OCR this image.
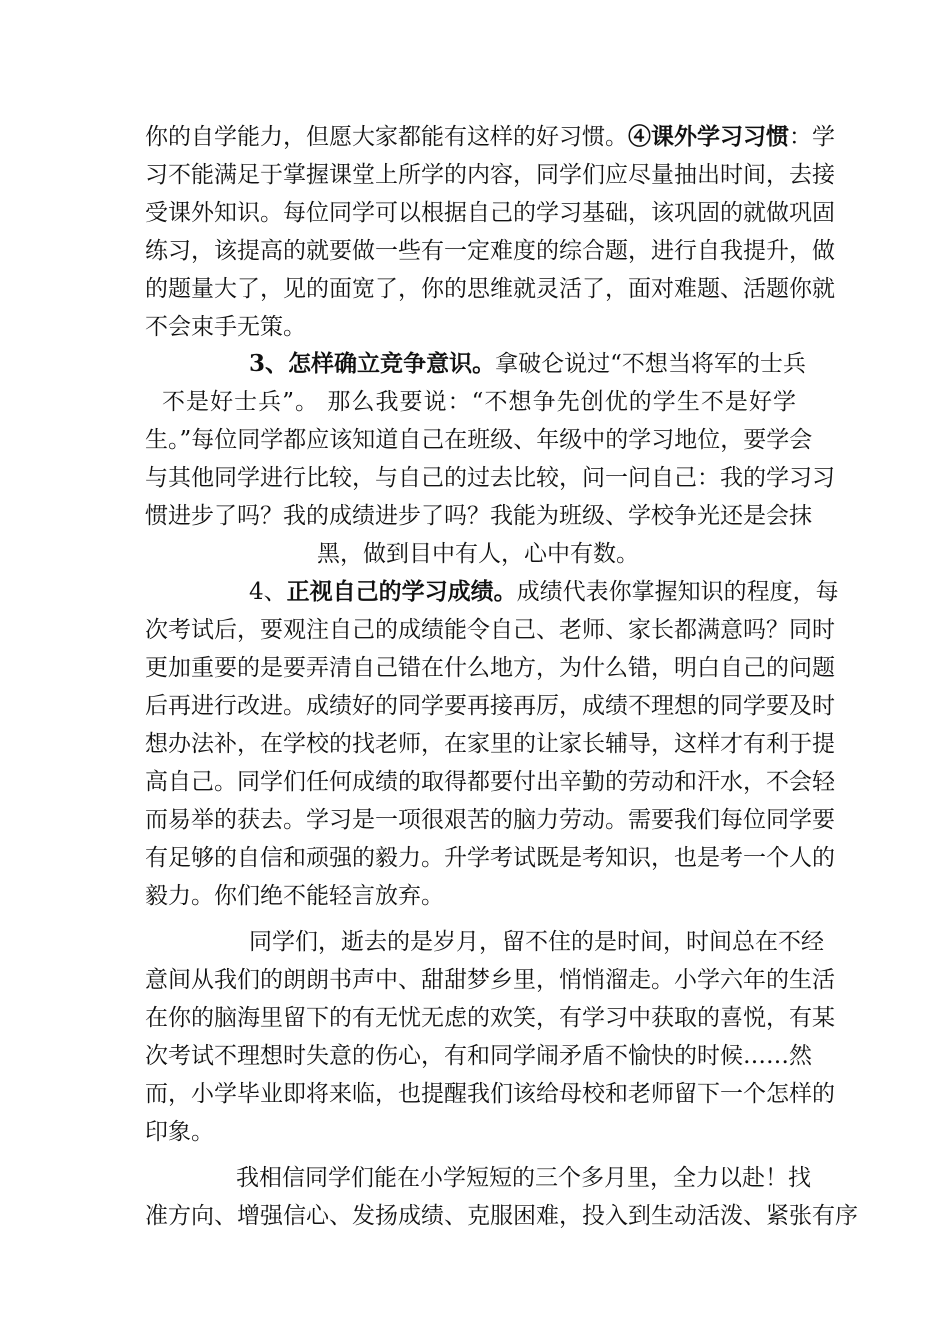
你的自学能力，但愿大家都能有这样的好习惯。④课外学习习惯：学
习不能满足于掌握课堂上所学的内容，同学们应尽量抽出时间，去接
受课外知识。每位同学可以根据自己的学习基础，该巩固的就做巩固
练习，该提高的就要做一些有一定难度的综合题，进行自我提升，做
的题量大了，见的面宽了，你的思维就灵活了，面对难题、活题你就
不会束手无策。
3、怎样确立竞争意识。拿破仑说过“不想当将军的士兵
不是好士兵”。 那么我要说：“不想争先创优的学生不是好学
生。”每位同学都应该知道自己在班级、年级中的学习地位，要学会
与其他同学进行比较，与自己的过去比较，问一问自己：我的学习习
惯进步了吗？我的成绩进步了吗？我能为班级、学校争光还是会抹
黑，做到目中有人，心中有数。
4、正视自己的学习成绩。成绩代表你掌握知识的程度，每
次考试后，要观注自己的成绩能令自己、老师、家长都满意吗？同时
更加重要的是要弄清自己错在什么地方，为什么错，明白自己的问题
后再进行改进。成绩好的同学要再接再厉，成绩不理想的同学要及时
想办法补，在学校的找老师，在家里的让家长辅导，这样才有利于提
高自己。同学们任何成绩的取得都要付出辛勤的劳动和汗水，不会轻
而易举的获去。学习是一项很艰苦的脑力劳动。需要我们每位同学要
有足够的自信和顽强的毅力。升学考试既是考知识，也是考一个人的
毅力。你们绝不能轻言放弃。
同学们，逝去的是岁月，留不住的是时间，时间总在不经
意间从我们的朗朗书声中、甜甜梦乡里，悄悄溜走。小学六年的生活
在你的脑海里留下的有无忧无虑的欢笑，有学习中获取的喜悦，有某
次考试不理想时失意的伤心，有和同学闹矛盾不愉快的时候……然
而，小学毕业即将来临，也提醒我们该给母校和老师留下一个怎样的
印象。
我相信同学们能在小学短短的三个多月里，全力以赴！找
准方向、增强信心、发扬成绩、克服困难，投入到生动活泼、紧张有序
